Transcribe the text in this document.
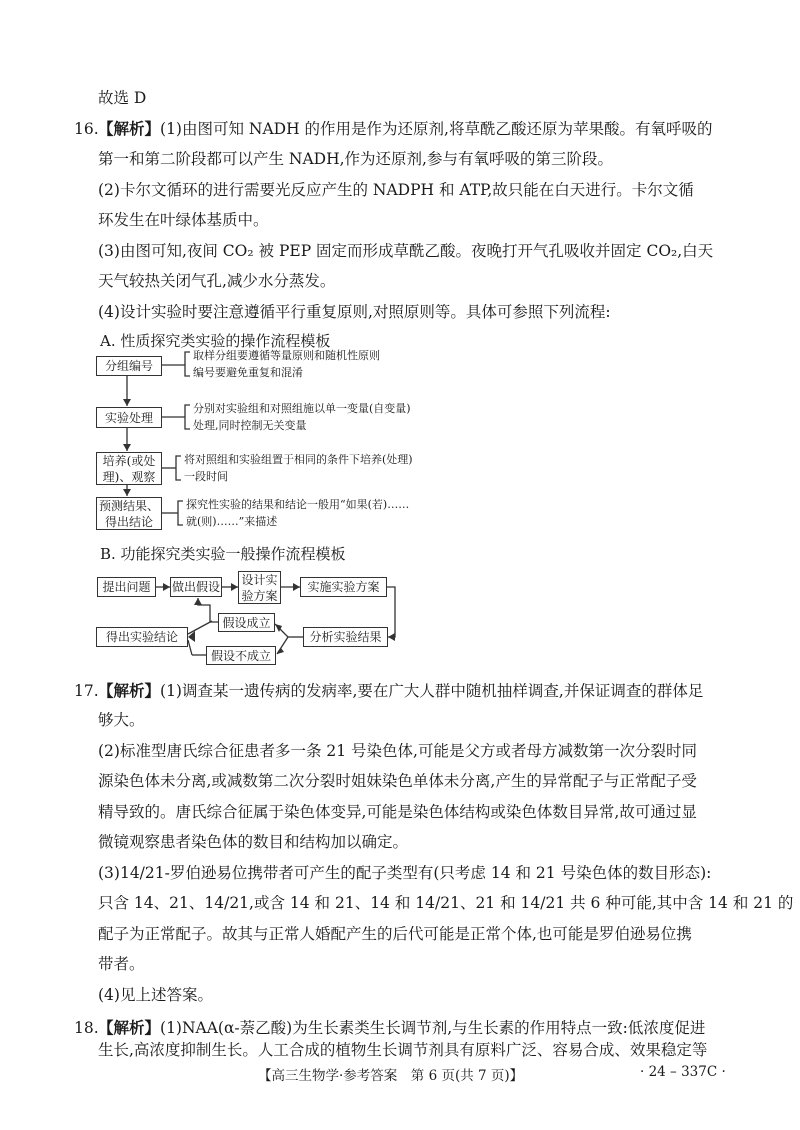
故选 D
16. 【解析】(1)由图可知 NADH 的作用是作为还原剂,将草酰乙酸还原为苹果酸。有氧呼吸的
第一和第二阶段都可以产生 NADH,作为还原剂,参与有氧呼吸的第三阶段。
(2)卡尔文循环的进行需要光反应产生的 NADPH 和 ATP,故只能在白天进行。卡尔文循
环发生在叶绿体基质中。
(3)由图可知,夜间 CO₂ 被 PEP 固定而形成草酰乙酸。夜晚打开气孔吸收并固定 CO₂,白天
天气较热关闭气孔,减少水分蒸发。
(4)设计实验时要注意遵循平行重复原则,对照原则等。具体可参照下列流程:
A. 性质探究类实验的操作流程模板
分组编号
取样分组要遵循等量原则和随机性原则
编号要避免重复和混淆
实验处理
分别对实验组和对照组施以单一变量(自变量)
处理,同时控制无关变量
培养(或处
理)、观察
将对照组和实验组置于相同的条件下培养(处理)
一段时间
预测结果、
得出结论
探究性实验的结果和结论一般用“如果(若)……
就(则)……”来描述
B. 功能探究类实验一般操作流程模板
提出问题	做出假设
设计实
验方案
实施实验方案
分析实验结果
假设成立
假设不成立
得出实验结论
17. 【解析】(1)调查某一遗传病的发病率,要在广大人群中随机抽样调查,并保证调查的群体足
够大。
(2)标准型唐氏综合征患者多一条 21 号染色体,可能是父方或者母方减数第一次分裂时同
源染色体未分离,或减数第二次分裂时姐妹染色单体未分离,产生的异常配子与正常配子受
精导致的。唐氏综合征属于染色体变异,可能是染色体结构或染色体数目异常,故可通过显
微镜观察患者染色体的数目和结构加以确定。
(3)14/21-罗伯逊易位携带者可产生的配子类型有(只考虑 14 和 21 号染色体的数目形态):
只含 14、21、14/21,或含 14 和 21、14 和 14/21、21 和 14/21 共 6 种可能,其中含 14 和 21 的
配子为正常配子。故其与正常人婚配产生的后代可能是正常个体,也可能是罗伯逊易位携
带者。
(4)见上述答案。
18. 【解析】(1)NAA(α-萘乙酸)为生长素类生长调节剂,与生长素的作用特点一致:低浓度促进
生长,高浓度抑制生长。人工合成的植物生长调节剂具有原料广泛、容易合成、效果稳定等
【高三生物学·参考答案　第 6 页(共 7 页)】	· 24 – 337C ·
